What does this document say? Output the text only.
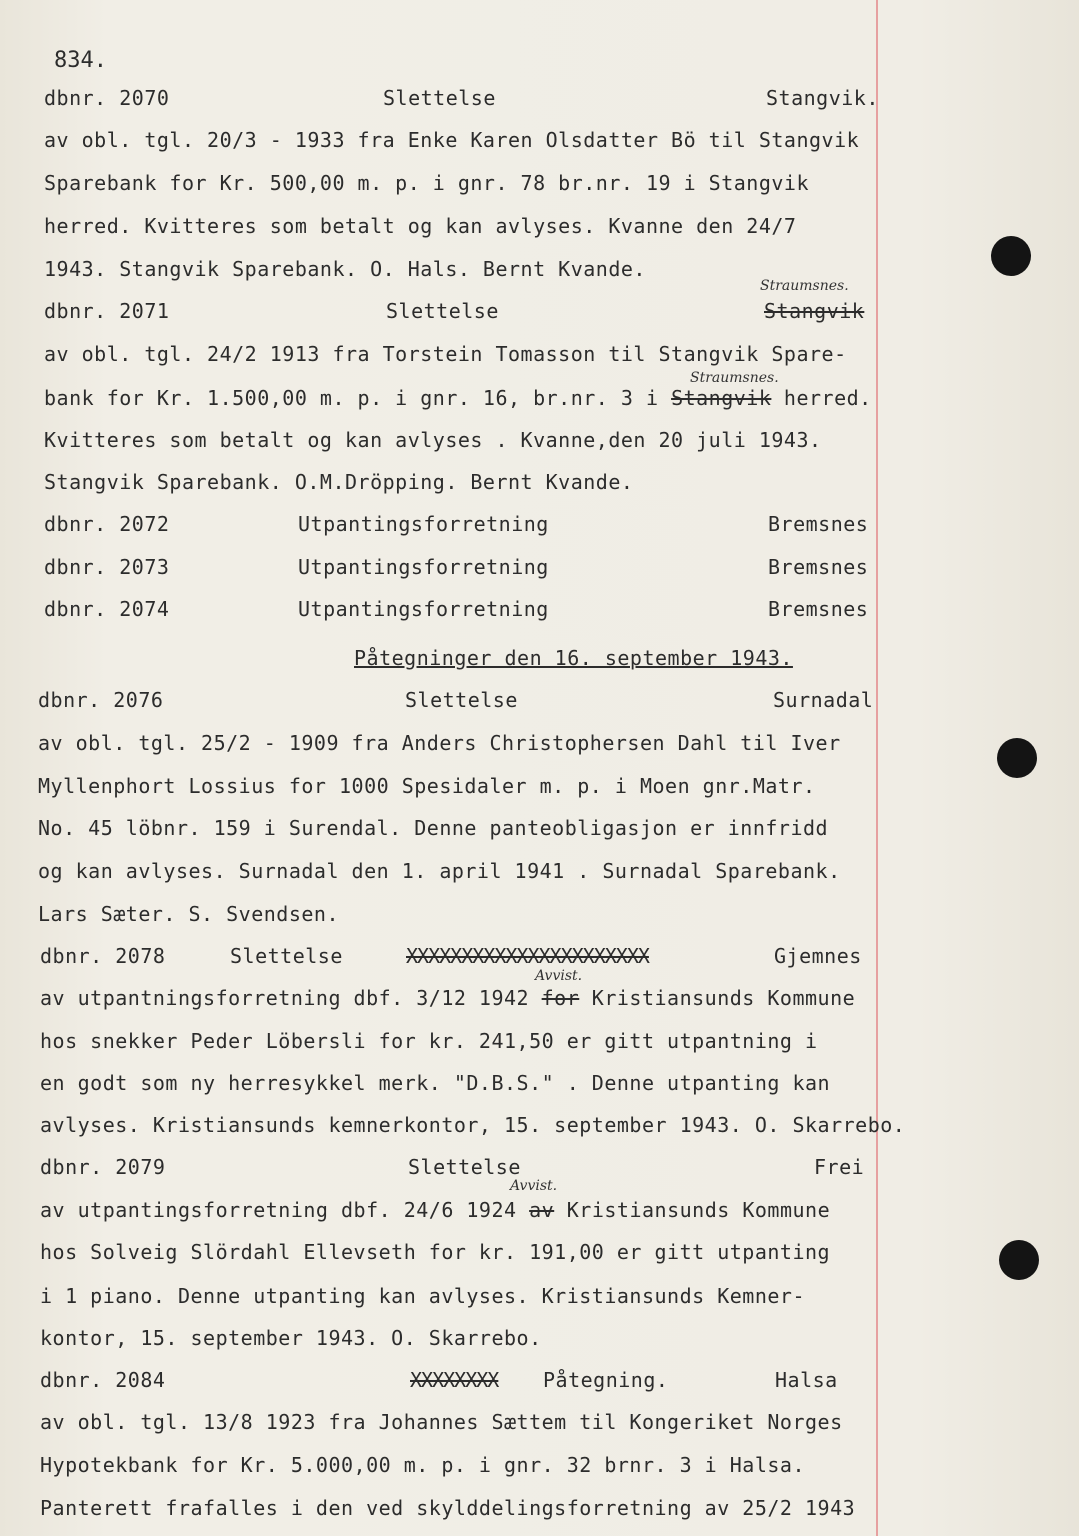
834.
dbnr. 2070	Slettelse	Stangvik.
av obl. tgl. 20/3 - 1933 fra Enke Karen Olsdatter Bö til Stangvik
Sparebank for Kr. 500,00 m. p. i gnr. 78 br.nr. 19 i Stangvik
herred. Kvitteres som betalt og kan avlyses. Kvanne den 24/7
1943. Stangvik Sparebank. O. Hals. Bernt Kvande.
Straumsnes.
dbnr. 2071	Slettelse	Stangvik
av obl. tgl. 24/2 1913 fra Torstein Tomasson til Stangvik Spare-
Straumsnes.
bank for Kr. 1.500,00 m. p. i gnr. 16, br.nr. 3 i Stangvik herred.
Kvitteres som betalt og kan avlyses . Kvanne,den 20 juli 1943.
Stangvik Sparebank. O.M.Dröpping. Bernt Kvande.
dbnr. 2072	Utpantingsforretning	Bremsnes
dbnr. 2073	Utpantingsforretning	Bremsnes
dbnr. 2074	Utpantingsforretning	Bremsnes
Påtegninger den 16. september 1943.
dbnr. 2076	Slettelse	Surnadal
av obl. tgl. 25/2 - 1909 fra Anders Christophersen Dahl til Iver
Myllenphort Lossius for 1000 Spesidaler m. p. i Moen gnr.Matr.
No. 45 löbnr. 159 i Surendal. Denne panteobligasjon er innfridd
og kan avlyses. Surnadal den 1. april 1941 . Surnadal Sparebank.
Lars Sæter. S. Svendsen.
dbnr. 2078	Slettelse	XXXXXXXXXXXXXXXXXXXXXX	Gjemnes
Avvist.
av utpantningsforretning dbf. 3/12 1942 for Kristiansunds Kommune
hos snekker Peder Löbersli for kr. 241,50 er gitt utpantning i
en godt som ny herresykkel merk. "D.B.S." . Denne utpanting kan
avlyses. Kristiansunds kemnerkontor, 15. september 1943. O. Skarrebo.
dbnr. 2079	Slettelse	Frei
Avvist.
av utpantingsforretning dbf. 24/6 1924 av Kristiansunds Kommune
hos Solveig Slördahl Ellevseth for kr. 191,00 er gitt utpanting
i 1 piano. Denne utpanting kan avlyses. Kristiansunds Kemner-
kontor, 15. september 1943. O. Skarrebo.
dbnr. 2084	XXXXXXXX Påtegning.	Halsa
av obl. tgl. 13/8 1923 fra Johannes Sættem til Kongeriket Norges
Hypotekbank for Kr. 5.000,00 m. p. i gnr. 32 brnr. 3 i Halsa.
Panterett frafalles i den ved skylddelingsforretning av 25/2 1943
